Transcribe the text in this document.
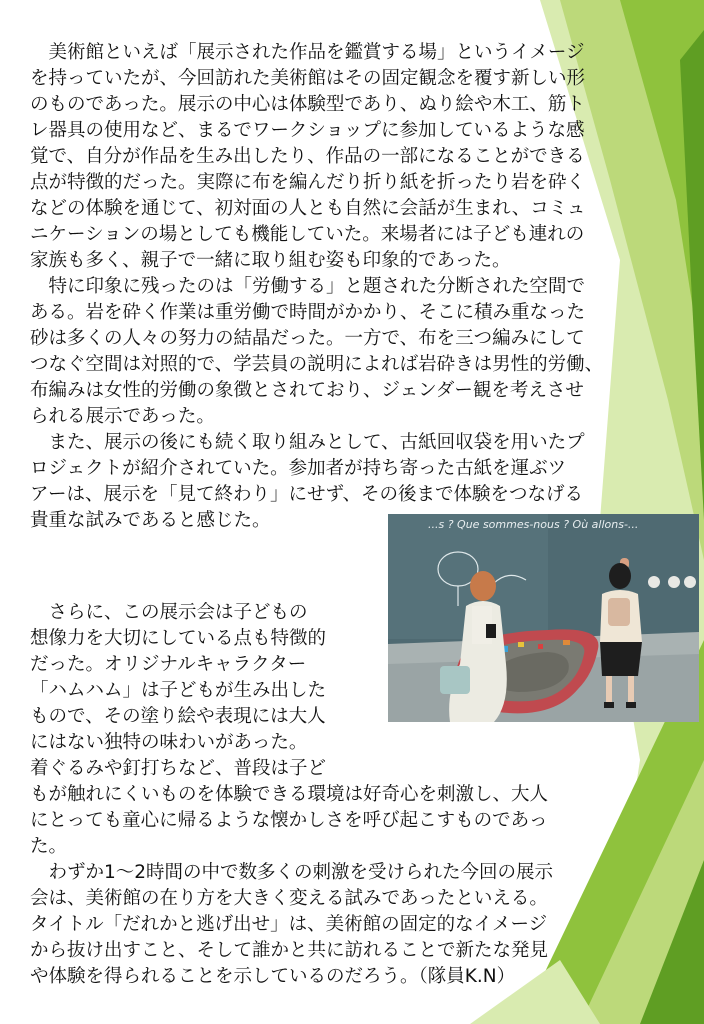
　美術館といえば「展示された作品を鑑賞する場」というイメージ
を持っていたが、今回訪れた美術館はその固定観念を覆す新しい形
のものであった。展示の中心は体験型であり、ぬり絵や木工、筋ト
レ器具の使用など、まるでワークショップに参加しているような感
覚で、自分が作品を生み出したり、作品の一部になることができる
点が特徴的だった。実際に布を編んだり折り紙を折ったり岩を砕く
などの体験を通じて、初対面の人とも自然に会話が生まれ、コミュ
ニケーションの場としても機能していた。来場者には子ども連れの
家族も多く、親子で一緒に取り組む姿も印象的であった。
　特に印象に残ったのは「労働する」と題された分断された空間で
ある。岩を砕く作業は重労働で時間がかかり、そこに積み重なった
砂は多くの人々の努力の結晶だった。一方で、布を三つ編みにして
つなぐ空間は対照的で、学芸員の説明によれば岩砕きは男性的労働、
布編みは女性的労働の象徴とされており、ジェンダー観を考えさせ
られる展示であった。
　また、展示の後にも続く取り組みとして、古紙回収袋を用いたプ
ロジェクトが紹介されていた。参加者が持ち寄った古紙を運ぶツ
アーは、展示を「見て終わり」にせず、その後まで体験をつなげる
貴重な試みであると感じた。
　さらに、この展示会は子どもの
想像力を大切にしている点も特徴的
だった。オリジナルキャラクター
「ハムハム」は子どもが生み出した
もので、その塗り絵や表現には大人
にはない独特の味わいがあった。
着ぐるみや釘打ちなど、普段は子ど
もが触れにくいものを体験できる環境は好奇心を刺激し、大人
にとっても童心に帰るような懐かしさを呼び起こすものであっ
た。
　わずか1～2時間の中で数多くの刺激を受けられた今回の展示
会は、美術館の在り方を大きく変える試みであったといえる。
タイトル「だれかと逃げ出せ」は、美術館の固定的なイメージ
から抜け出すこと、そして誰かと共に訪れることで新たな発見
や体験を得られることを示しているのだろう。（隊員K.N）
...s ? Que sommes-nous ? Où allons-...
